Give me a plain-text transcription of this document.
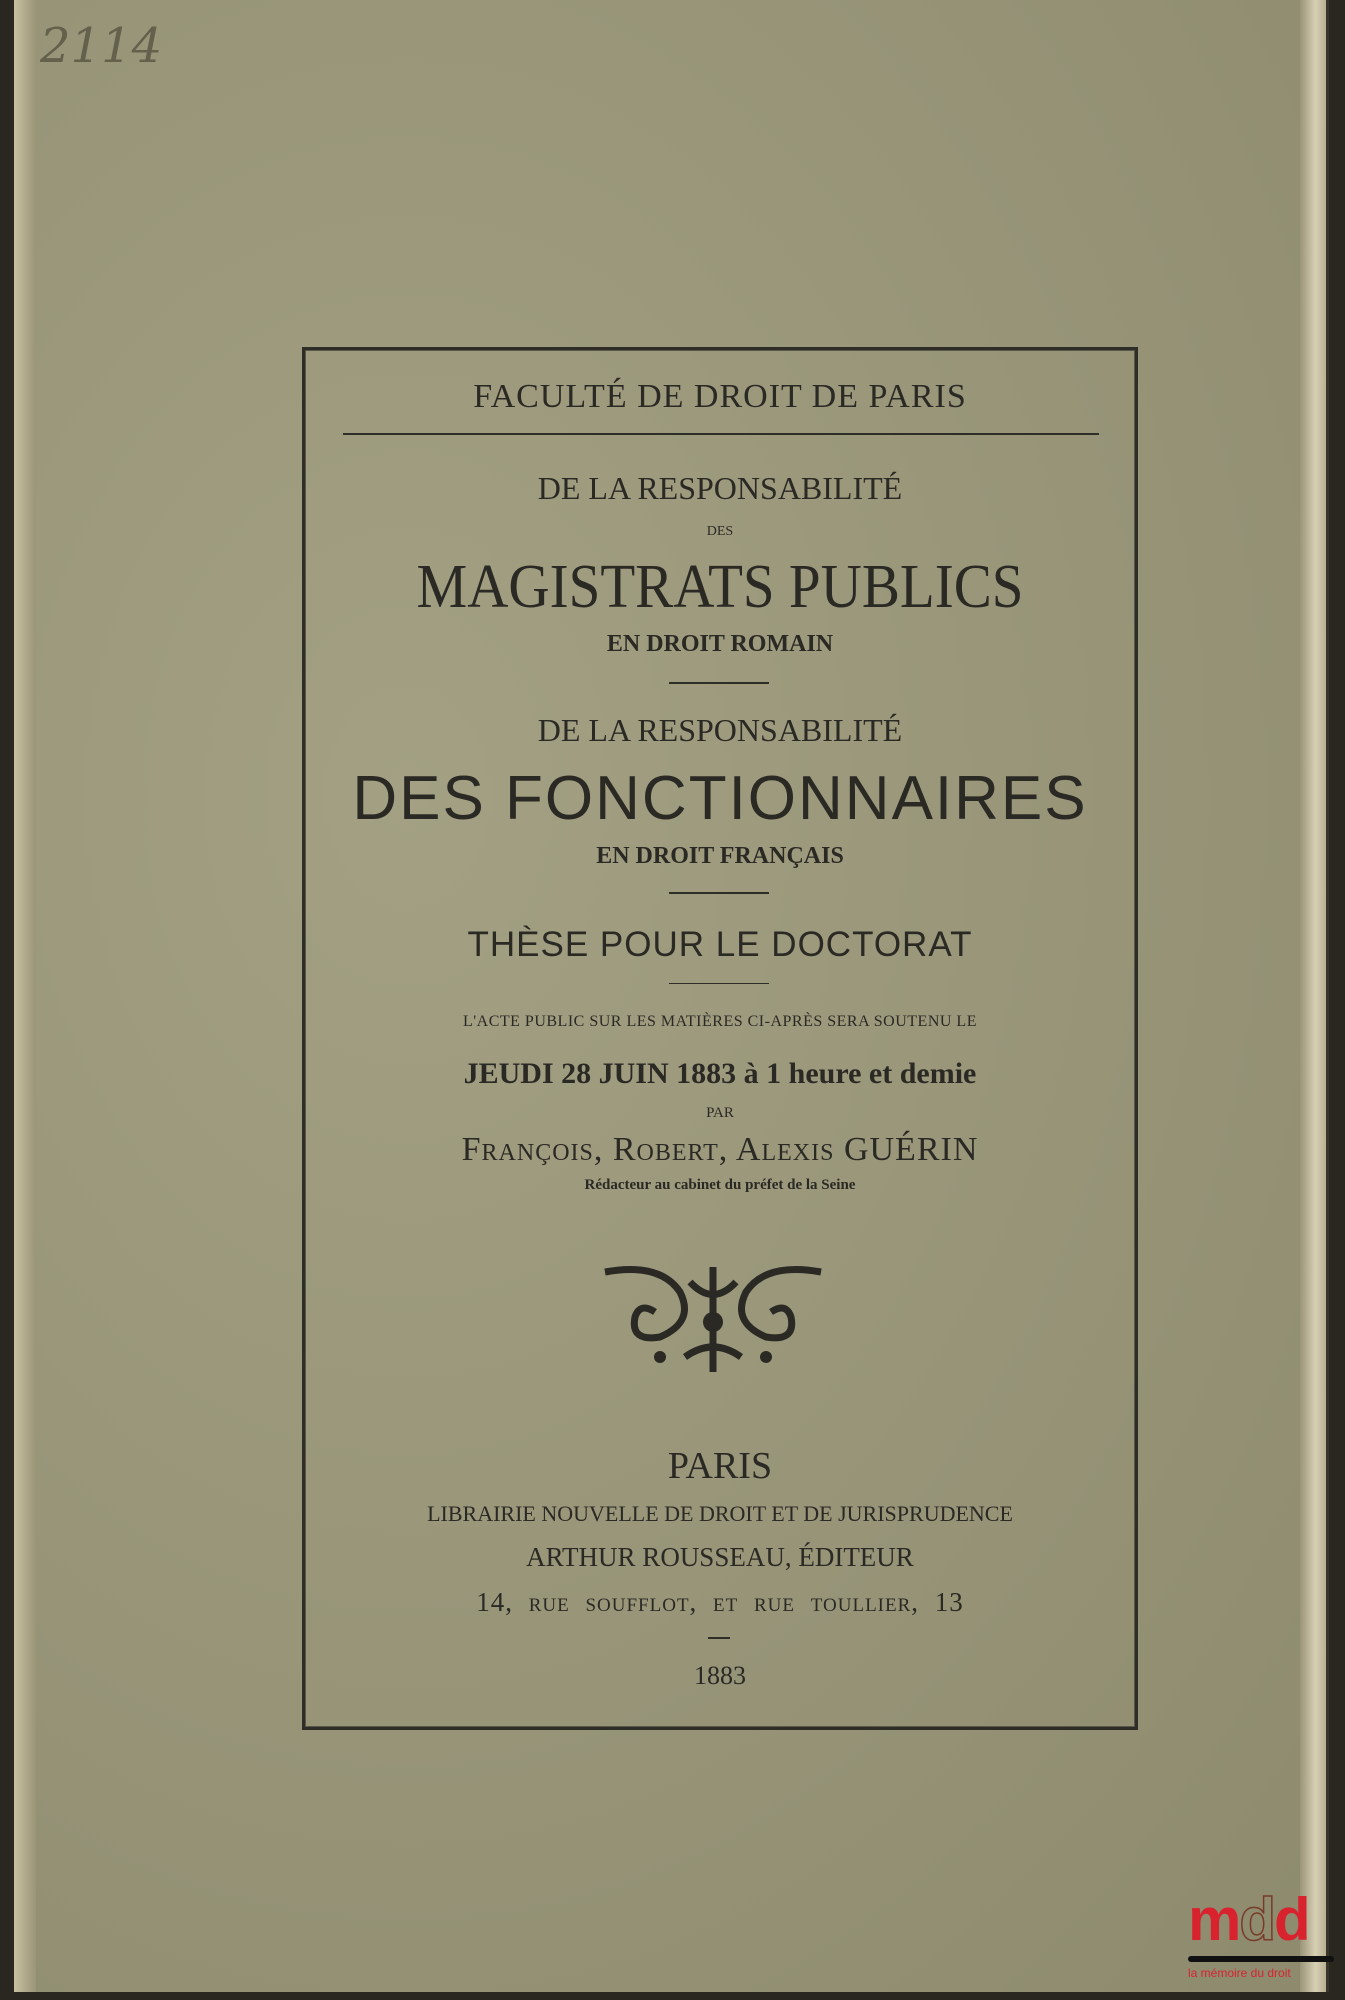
2114
FACULTÉ DE DROIT DE PARIS
DE LA RESPONSABILITÉ
DES
MAGISTRATS PUBLICS
EN DROIT ROMAIN
DE LA RESPONSABILITÉ
DES FONCTIONNAIRES
EN DROIT FRANÇAIS
THÈSE POUR LE DOCTORAT
L'ACTE PUBLIC SUR LES MATIÈRES CI-APRÈS SERA SOUTENU LE
JEUDI 28 JUIN 1883 à 1 heure et demie
PAR
François, Robert, Alexis GUÉRIN
Rédacteur au cabinet du préfet de la Seine
PARIS
LIBRAIRIE NOUVELLE DE DROIT ET DE JURISPRUDENCE
ARTHUR ROUSSEAU, ÉDITEUR
14, rue soufflot, et rue toullier, 13
1883
mdd
la mémoire du droit
